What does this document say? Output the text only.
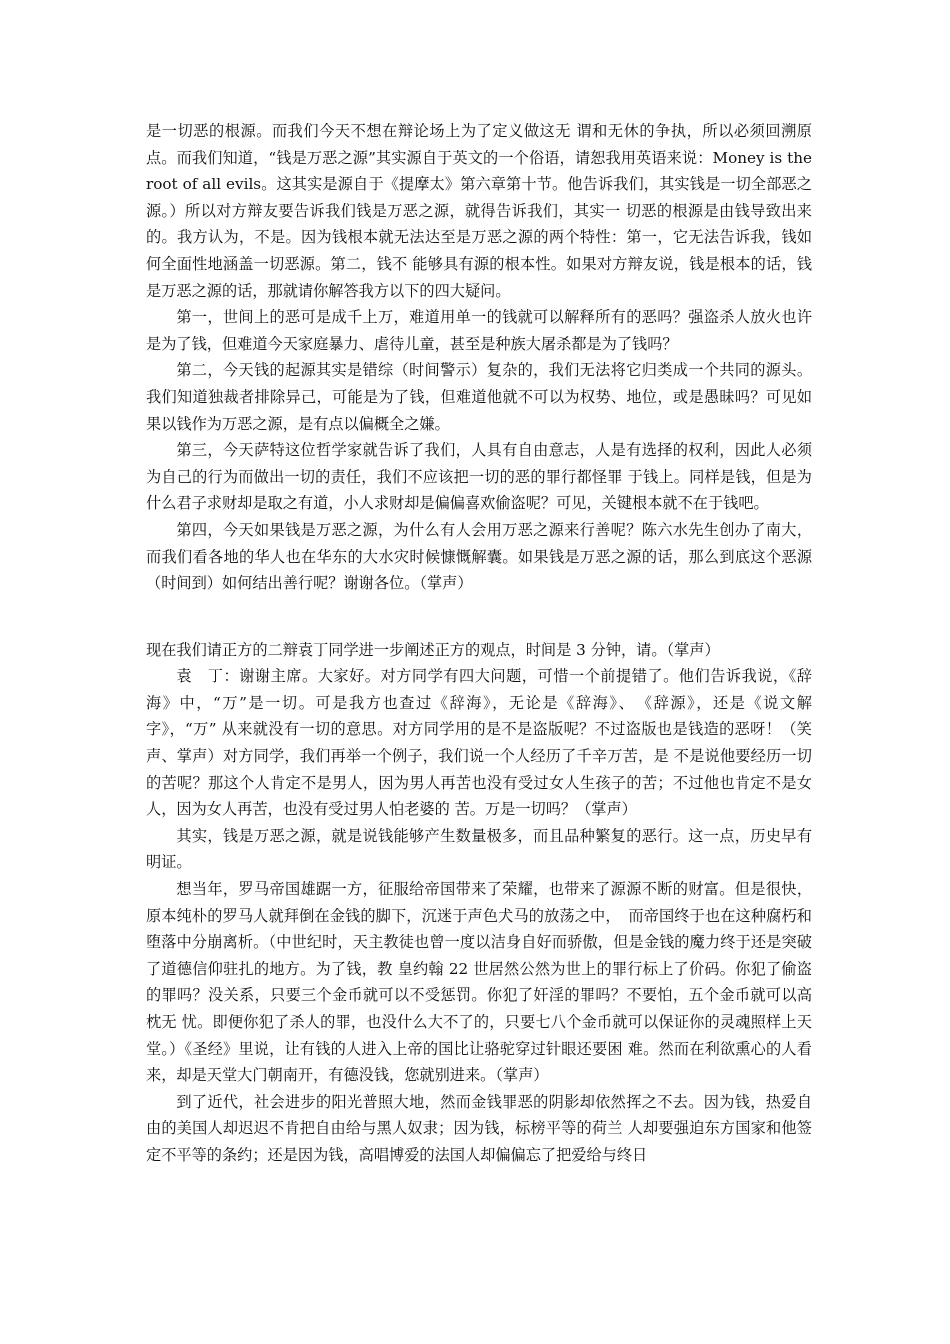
是一切恶的根源。而我们今天不想在辩论场上为了定义做这无 谓和无休的争执，所以必须回溯原点。而我们知道，“钱是万恶之源”其实源自于英文的一个俗语，请恕我用英语来说：Money is the root of all evils。这其实是源自于《提摩太》第六章第十节。他告诉我们，其实钱是一切全部恶之源。）所以对方辩友要告诉我们钱是万恶之源，就得告诉我们，其实一 切恶的根源是由钱导致出来的。我方认为，不是。因为钱根本就无法达至是万恶之源的两个特性：第一，它无法告诉我，钱如何全面性地涵盖一切恶源。第二，钱不 能够具有源的根本性。如果对方辩友说，钱是根本的话，钱是万恶之源的话，那就请你解答我方以下的四大疑问。

第一，世间上的恶可是成千上万，难道用单一的钱就可以解释所有的恶吗？强盗杀人放火也许是为了钱，但难道今天家庭暴力、虐待儿童，甚至是种族大屠杀都是为了钱吗？

第二，今天钱的起源其实是错综（时间警示）复杂的，我们无法将它归类成一个共同的源头。我们知道独裁者排除异己，可能是为了钱，但难道他就不可以为权势、地位，或是愚昧吗？可见如果以钱作为万恶之源，是有点以偏概全之嫌。

第三，今天萨特这位哲学家就告诉了我们，人具有自由意志，人是有选择的权利，因此人必须为自己的行为而做出一切的责任，我们不应该把一切的恶的罪行都怪罪 于钱上。同样是钱，但是为什么君子求财却是取之有道，小人求财却是偏偏喜欢偷盗呢？可见，关键根本就不在于钱吧。

第四，今天如果钱是万恶之源，为什么有人会用万恶之源来行善呢？陈六水先生创办了南大，而我们看各地的华人也在华东的大水灾时候慷慨解囊。如果钱是万恶之源的话，那么到底这个恶源（时间到）如何结出善行呢？谢谢各位。（掌声）

现在我们请正方的二辩袁丁同学进一步阐述正方的观点，时间是 3 分钟，请。（掌声）

袁　丁：谢谢主席。大家好。对方同学有四大问题，可惜一个前提错了。他们告诉我说，《辞海》中，“万”是一切。可是我方也查过《辞海》，无论是《辞海》、　《辞源》，还是《说文解字》，“万” 从来就没有一切的意思。对方同学用的是不是盗版呢？不过盗版也是钱造的恶呀！（笑声、掌声）对方同学，我们再举一个例子，我们说一个人经历了千辛万苦，是 不是说他要经历一切的苦呢？那这个人肯定不是男人，因为男人再苦也没有受过女人生孩子的苦；不过他也肯定不是女人，因为女人再苦，也没有受过男人怕老婆的 苦。万是一切吗？（掌声）

其实，钱是万恶之源，就是说钱能够产生数量极多，而且品种繁复的恶行。这一点，历史早有明证。

想当年，罗马帝国雄踞一方，征服给帝国带来了荣耀，也带来了源源不断的财富。但是很快，原本纯朴的罗马人就拜倒在金钱的脚下，沉迷于声色犬马的放荡之中，　而帝国终于也在这种腐朽和堕落中分崩离析。（中世纪时，天主教徒也曾一度以洁身自好而骄傲，但是金钱的魔力终于还是突破了道德信仰驻扎的地方。为了钱，教 皇约翰 22 世居然公然为世上的罪行标上了价码。你犯了偷盗的罪吗？没关系，只要三个金币就可以不受惩罚。你犯了奸淫的罪吗？不要怕，五个金币就可以高枕无 忧。即便你犯了杀人的罪，也没什么大不了的，只要七八个金币就可以保证你的灵魂照样上天堂。）《圣经》里说，让有钱的人进入上帝的国比让骆驼穿过针眼还要困 难。然而在利欲熏心的人看来，却是天堂大门朝南开，有德没钱，您就别进来。（掌声）

到了近代，社会进步的阳光普照大地，然而金钱罪恶的阴影却依然挥之不去。因为钱，热爱自由的美国人却迟迟不肯把自由给与黑人奴隶；因为钱，标榜平等的荷兰 人却要强迫东方国家和他签定不平等的条约；还是因为钱，高唱博爱的法国人却偏偏忘了把爱给与终日
